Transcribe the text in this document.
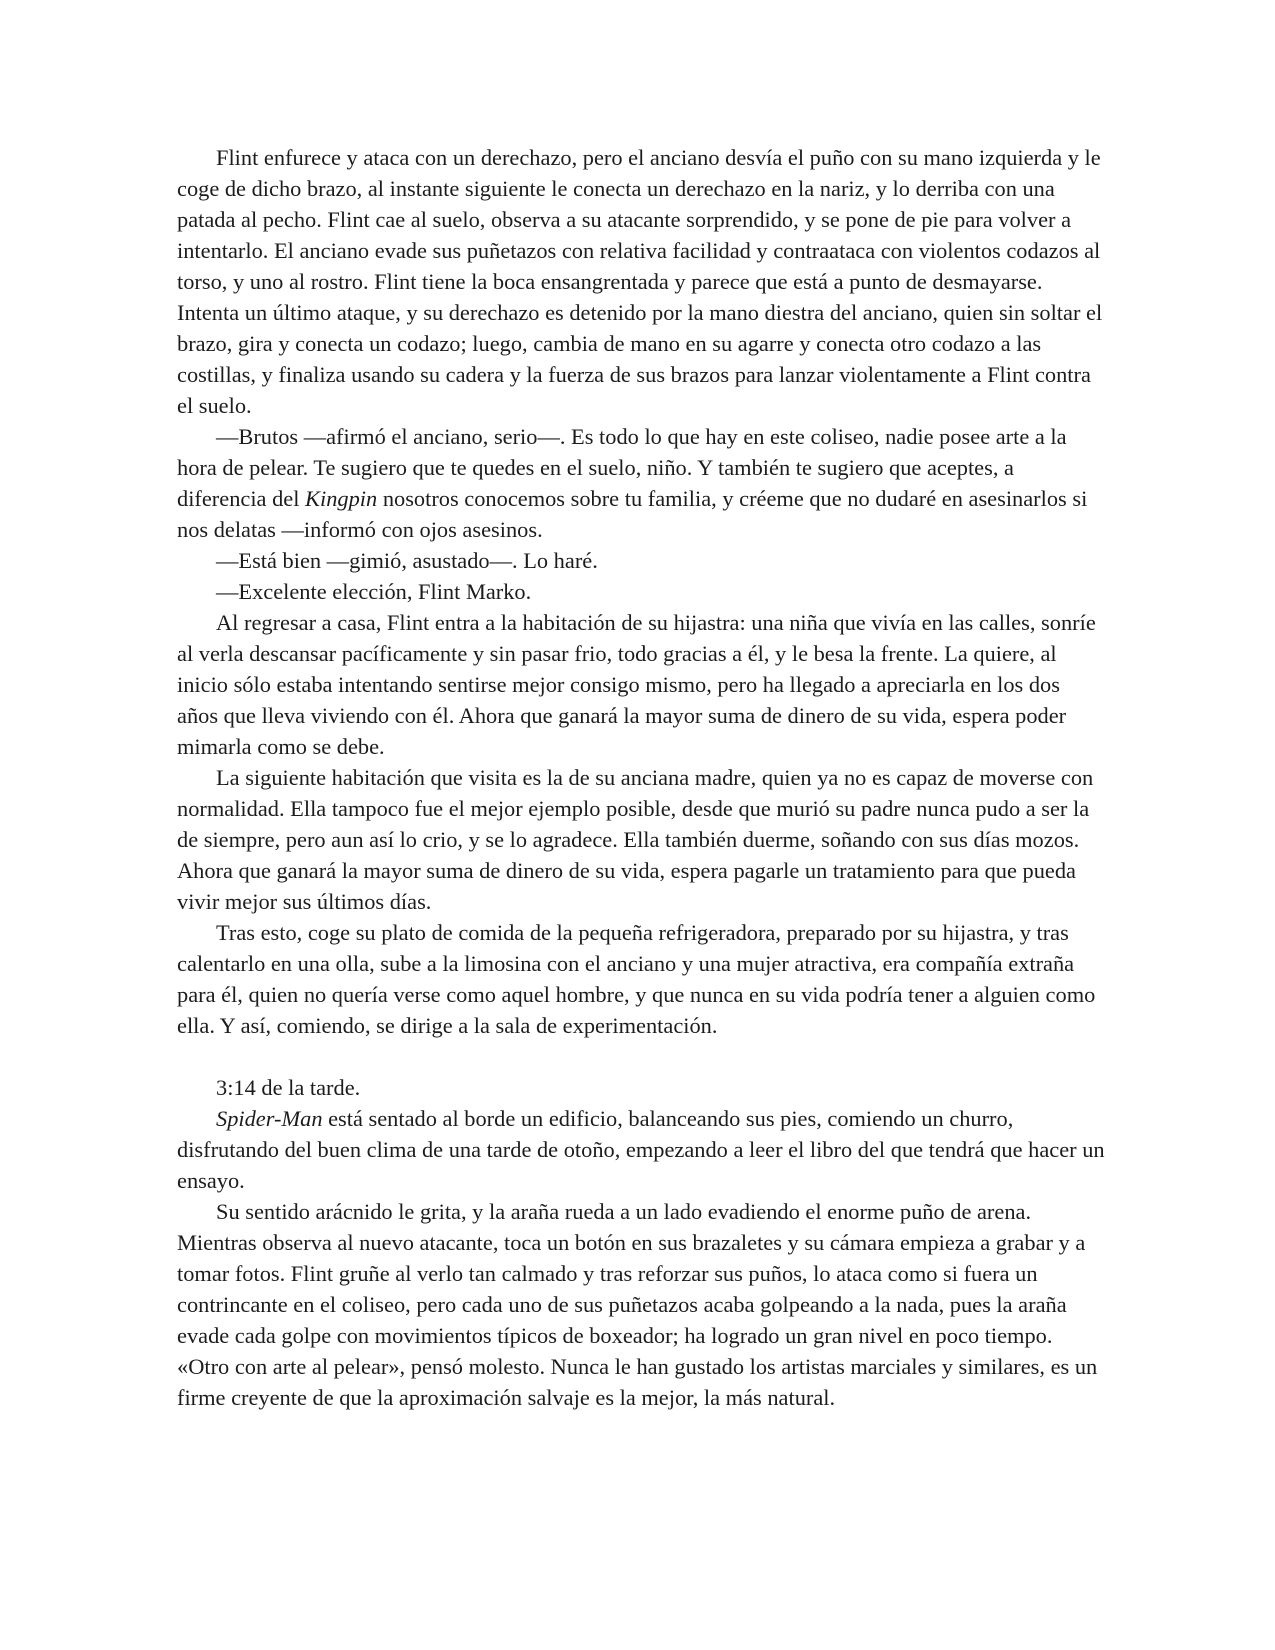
Flint enfurece y ataca con un derechazo, pero el anciano desvía el puño con su mano izquierda y le coge de dicho brazo, al instante siguiente le conecta un derechazo en la nariz, y lo derriba con una patada al pecho. Flint cae al suelo, observa a su atacante sorprendido, y se pone de pie para volver a intentarlo. El anciano evade sus puñetazos con relativa facilidad y contraataca con violentos codazos al torso, y uno al rostro. Flint tiene la boca ensangrentada y parece que está a punto de desmayarse. Intenta un último ataque, y su derechazo es detenido por la mano diestra del anciano, quien sin soltar el brazo, gira y conecta un codazo; luego, cambia de mano en su agarre y conecta otro codazo a las costillas, y finaliza usando su cadera y la fuerza de sus brazos para lanzar violentamente a Flint contra el suelo.

—Brutos —afirmó el anciano, serio—. Es todo lo que hay en este coliseo, nadie posee arte a la hora de pelear. Te sugiero que te quedes en el suelo, niño. Y también te sugiero que aceptes, a diferencia del Kingpin nosotros conocemos sobre tu familia, y créeme que no dudaré en asesinarlos si nos delatas —informó con ojos asesinos.

—Está bien —gimió, asustado—. Lo haré.

—Excelente elección, Flint Marko.

Al regresar a casa, Flint entra a la habitación de su hijastra: una niña que vivía en las calles, sonríe al verla descansar pacíficamente y sin pasar frio, todo gracias a él, y le besa la frente. La quiere, al inicio sólo estaba intentando sentirse mejor consigo mismo, pero ha llegado a apreciarla en los dos años que lleva viviendo con él. Ahora que ganará la mayor suma de dinero de su vida, espera poder mimarla como se debe.

La siguiente habitación que visita es la de su anciana madre, quien ya no es capaz de moverse con normalidad. Ella tampoco fue el mejor ejemplo posible, desde que murió su padre nunca pudo a ser la de siempre, pero aun así lo crio, y se lo agradece. Ella también duerme, soñando con sus días mozos. Ahora que ganará la mayor suma de dinero de su vida, espera pagarle un tratamiento para que pueda vivir mejor sus últimos días.

Tras esto, coge su plato de comida de la pequeña refrigeradora, preparado por su hijastra, y tras calentarlo en una olla, sube a la limosina con el anciano y una mujer atractiva, era compañía extraña para él, quien no quería verse como aquel hombre, y que nunca en su vida podría tener a alguien como ella. Y así, comiendo, se dirige a la sala de experimentación.

3:14 de la tarde.

Spider-Man está sentado al borde un edificio, balanceando sus pies, comiendo un churro, disfrutando del buen clima de una tarde de otoño, empezando a leer el libro del que tendrá que hacer un ensayo.

Su sentido arácnido le grita, y la araña rueda a un lado evadiendo el enorme puño de arena. Mientras observa al nuevo atacante, toca un botón en sus brazaletes y su cámara empieza a grabar y a tomar fotos. Flint gruñe al verlo tan calmado y tras reforzar sus puños, lo ataca como si fuera un contrincante en el coliseo, pero cada uno de sus puñetazos acaba golpeando a la nada, pues la araña evade cada golpe con movimientos típicos de boxeador; ha logrado un gran nivel en poco tiempo. «Otro con arte al pelear», pensó molesto. Nunca le han gustado los artistas marciales y similares, es un firme creyente de que la aproximación salvaje es la mejor, la más natural.
